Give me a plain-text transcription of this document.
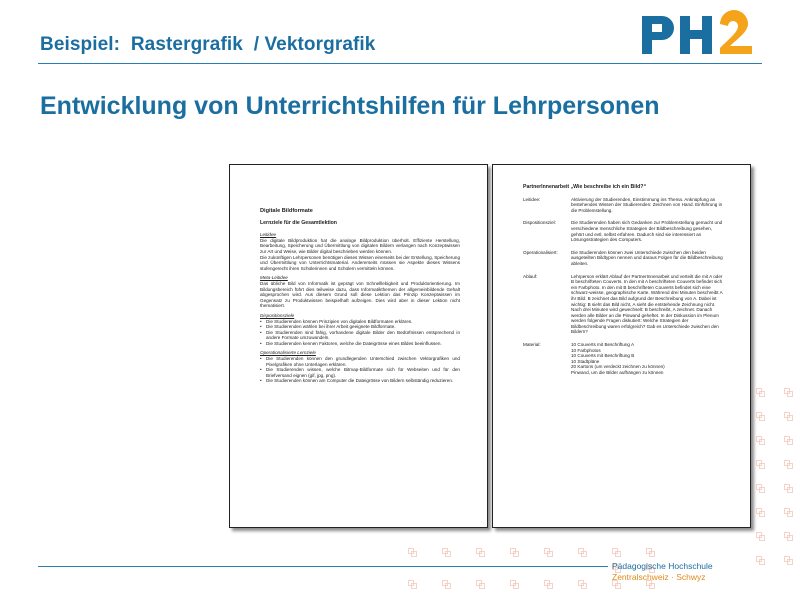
Beispiel:  Rastergrafik  / Vektorgrafik
Entwicklung von Unterrichtshilfen für Lehrpersonen
Digitale Bildformate
Lernziele für die Gesamtlektion
Leitidee
Die digitale Bildproduktion hat die analoge Bildproduktion überholt. Effiziente Herstellung, Bearbeitung, Speicherung und Übermittlung von digitalen Bildern verlangen nach Konzeptwissen zur Art und Weise, wie Bilder digital beschrieben werden können.
Die zukünftigen Lehrpersonen benötigen dieses Wissen einerseits bei der Erstellung, Speicherung und Übermittlung von Unterrichtsmaterial. Andererseits müssen sie Aspekte dieses Wissens stufengerecht ihren Schülerinnen und Schülern vermitteln können.
Meta-Leitidee
Das übliche Bild von Informatik ist geprägt von Schnelllebigkeit und Produktorientierung. Im Bildungsbereich führt dies teilweise dazu, dass Informatikthemen der allgemeinbildende Gehalt abgesprochen wird. Aus diesem Grund soll diese Lektion das Prinzip Konzeptwissen im Gegensatz zu Produktwissen beispielhaft aufzeigen. Dies wird aber in dieser Lektion nicht thematisiert.
Dispositionsziele
• Die Studierenden können Prinzipien von digitalen Bildformaten erklären.
• Die Studierenden wählen bei ihrer Arbeit geeignete Bildformate.
• Die Studierenden sind fähig, vorhandene digitale Bilder den Bedürfnissen entsprechend in andere Formate umzuwandeln.
• Die Studierenden kennen Faktoren, welche die Dateigrösse eines Bildes beeinflussen.
Operationalisierte Lernziele
• Die Studierenden können den grundlegenden Unterschied zwischen Vektorgrafiken und Pixelgrafiken ohne Unterlagen erklären.
• Die Studierenden wissen, welche Bitmap-Bildformate sich für Webseiten und für den Briefversand eignen (gif, jpg, png).
• Die Studierenden können am Computer die Dateigrösse von Bildern selbständig reduzieren.
PartnerInnenarbeit „Wie beschreibe ich ein Bild?“
Leitidee:	Aktivierung der Studierenden, Einstimmung ins Thema. Anknüpfung an bestehendes Wissen der Studierenden: Zeichnen von Hand. Einführung in die Problemstellung.
Dispositionsziel:	Die Studierenden haben sich Gedanken zur Problemstellung gemacht und verschiedene menschliche Strategien der Bildbeschreibung gesehen, gehört und evtl. selbst erfahren. Dadurch sind sie interessiert an Lösungsstrategien des Computers.
Operationalisiert:	Die Studierenden können zwei Unterschiede zwischen den beiden ausgeteilten Bildtypen nennen und daraus Folgen für die Bildbeschreibung ableiten.
Ablauf:	Lehrperson erklärt Ablauf der PartnerInnenarbeit und verteilt die mit A oder B beschrifteten Couverts. In den mit A beschrifteten Couverts befindet sich ein Farbphoto. In den mit B beschrifteten Couverts befindet sich eine schwarz-weisse, geographische Karte. Während drei Minuten beschreibt A ihr Bild. B zeichnet das Bild aufgrund der Beschreibung von A. Dabei ist wichtig: B sieht das Bild nicht, A sieht die entstehende Zeichnung nicht. Nach drei Minuten wird gewechselt: B beschreibt, A zeichnet. Danach werden alle Bilder an die Pinwand geheftet. In der Diskussion im Plenum werden folgende Fragen diskutiert: Welche Strategien der Bildbeschreibung waren erfolgreich? Gab es Unterschiede zwischen den Bildern?
Material:	10 Couverts mit Beschriftung A
10 Farbphotos
10 Couverts mit Beschriftung B
10 Stadtpläne
20 Kartons (um verdeckt zeichnen zu können)
Pinwand, um die Bilder aufhängen zu können
Pädagogische Hochschule
Zentralschweiz · Schwyz
